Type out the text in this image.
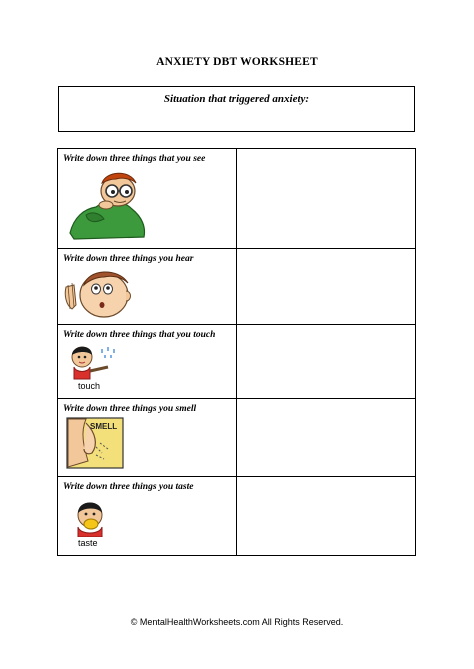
ANXIETY DBT WORKSHEET
Situation that triggered anxiety:
Write down three things that you see
Write down three things you hear
Write down three things that you touch
touch
Write down three things you smell
SMELL
Write down three things you taste
taste
© MentalHealthWorksheets.com All Rights Reserved.
